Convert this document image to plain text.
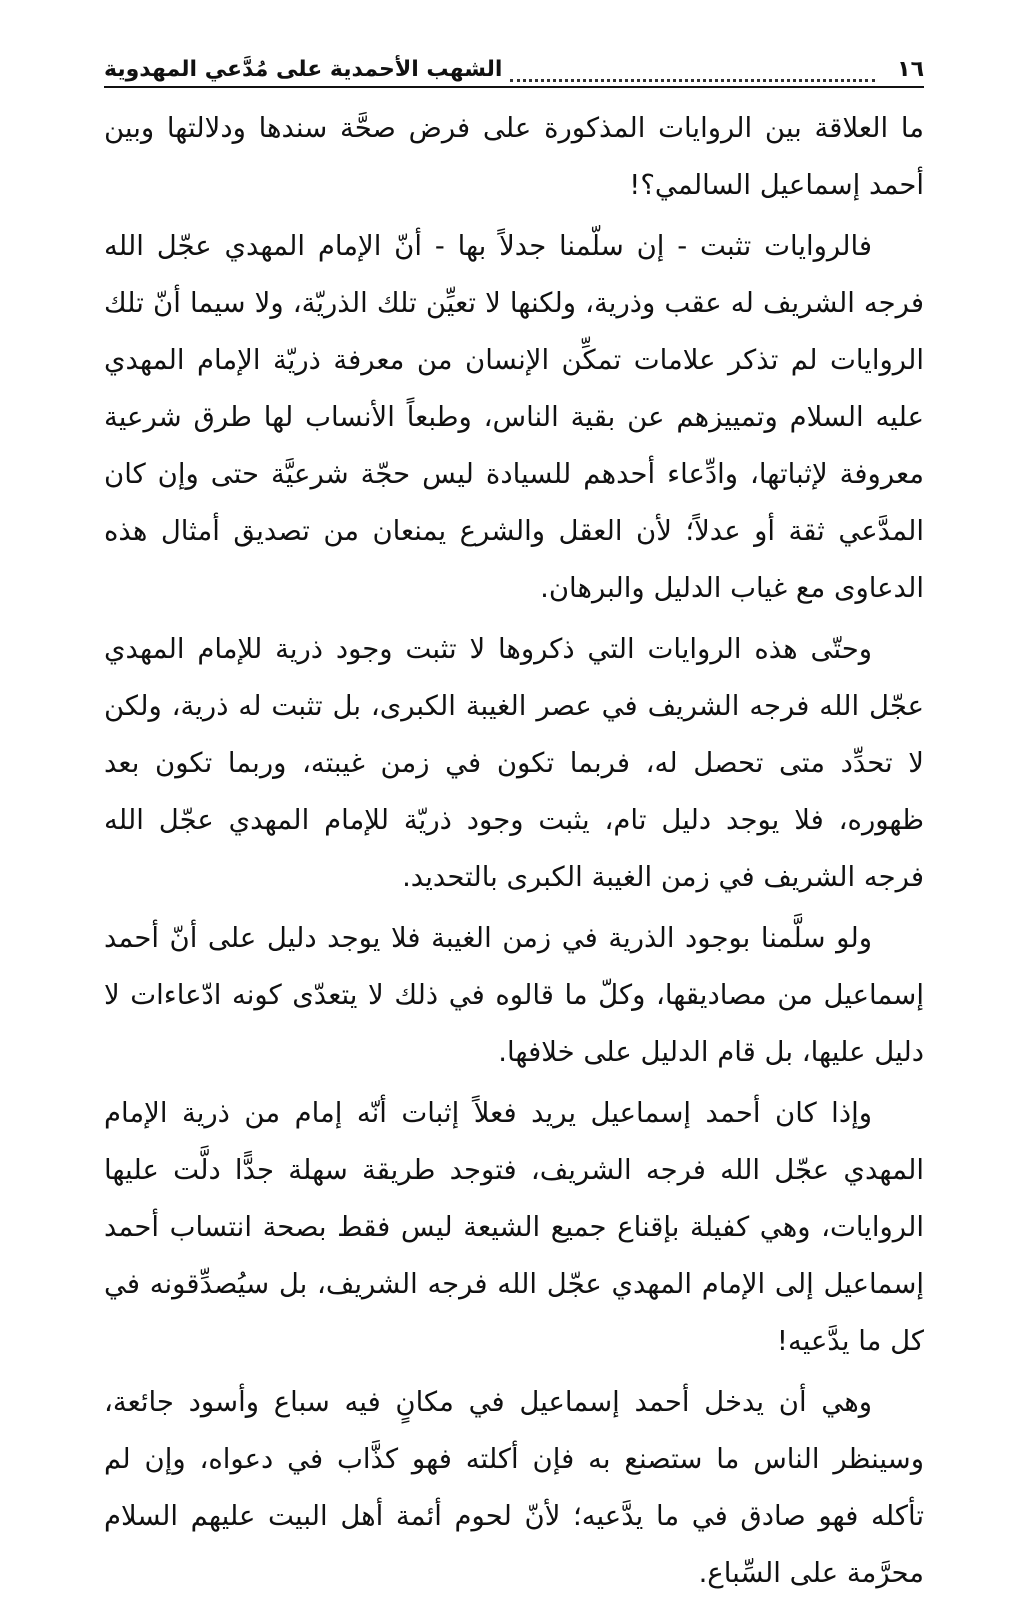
١٦
الشهب الأحمدية على مُدَّعي المهدوية

ما العلاقة بين الروايات المذكورة على فرض صحَّة سندها ودلالتها وبين أحمد إسماعيل السالمي؟!

فالروايات تثبت - إن سلّمنا جدلاً بها - أنّ الإمام المهدي عجّل الله فرجه الشريف له عقب وذرية، ولكنها لا تعيِّن تلك الذريّة، ولا سيما أنّ تلك الروايات لم تذكر علامات تمكِّن الإنسان من معرفة ذريّة الإمام المهدي عليه السلام وتمييزهم عن بقية الناس، وطبعاً الأنساب لها طرق شرعية معروفة لإثباتها، وادِّعاء أحدهم للسيادة ليس حجّة شرعيَّة حتى وإن كان المدَّعي ثقة أو عدلاً؛ لأن العقل والشرع يمنعان من تصديق أمثال هذه الدعاوى مع غياب الدليل والبرهان.

وحتّى هذه الروايات التي ذكروها لا تثبت وجود ذرية للإمام المهدي عجّل الله فرجه الشريف في عصر الغيبة الكبرى، بل تثبت له ذرية، ولكن لا تحدِّد متى تحصل له، فربما تكون في زمن غيبته، وربما تكون بعد ظهوره، فلا يوجد دليل تام، يثبت وجود ذريّة للإمام المهدي عجّل الله فرجه الشريف في زمن الغيبة الكبرى بالتحديد.

ولو سلَّمنا بوجود الذرية في زمن الغيبة فلا يوجد دليل على أنّ أحمد إسماعيل من مصاديقها، وكلّ ما قالوه في ذلك لا يتعدّى كونه ادّعاءات لا دليل عليها، بل قام الدليل على خلافها.

وإذا كان أحمد إسماعيل يريد فعلاً إثبات أنّه إمام من ذرية الإمام المهدي عجّل الله فرجه الشريف، فتوجد طريقة سهلة جدًّا دلَّت عليها الروايات، وهي كفيلة بإقناع جميع الشيعة ليس فقط بصحة انتساب أحمد إسماعيل إلى الإمام المهدي عجّل الله فرجه الشريف، بل سيُصدِّقونه في كل ما يدَّعيه!

وهي أن يدخل أحمد إسماعيل في مكانٍ فيه سباع وأسود جائعة، وسينظر الناس ما ستصنع به فإن أكلته فهو كذَّاب في دعواه، وإن لم تأكله فهو صادق في ما يدَّعيه؛ لأنّ لحوم أئمة أهل البيت عليهم السلام محرَّمة على السِّباع.
